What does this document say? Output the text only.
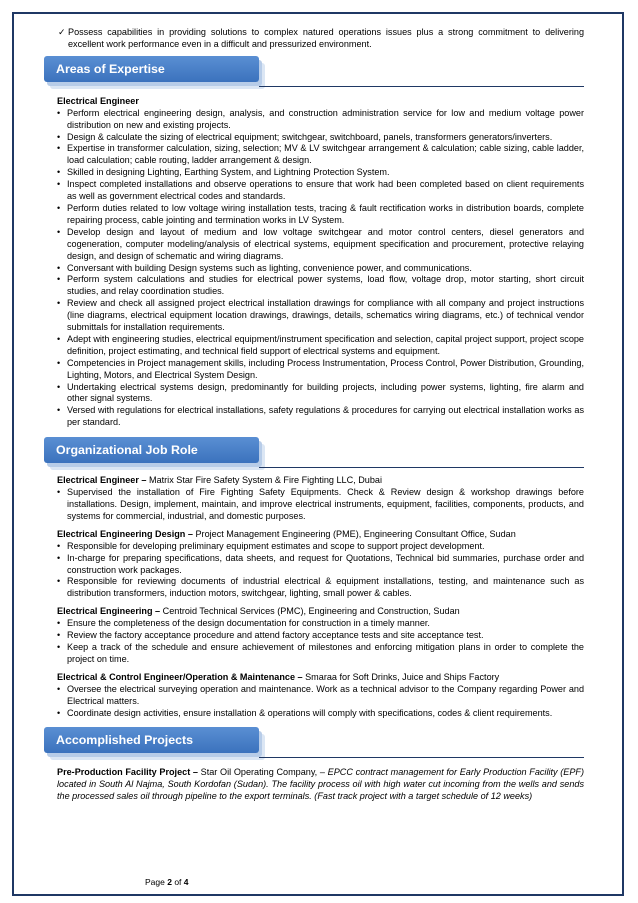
✓ Possess capabilities in providing solutions to complex natured operations issues plus a strong commitment to delivering excellent work performance even in a difficult and pressurized environment.
Areas of Expertise
Electrical Engineer
• Perform electrical engineering design, analysis, and construction administration service for low and medium voltage power distribution on new and existing projects.
• Design & calculate the sizing of electrical equipment; switchgear, switchboard, panels, transformers generators/inverters.
• Expertise in transformer calculation, sizing, selection; MV & LV switchgear arrangement & calculation; cable sizing, cable ladder, load calculation; cable routing, ladder arrangement & design.
• Skilled in designing Lighting, Earthing System, and Lightning Protection System.
• Inspect completed installations and observe operations to ensure that work had been completed based on client requirements as well as government electrical codes and standards.
• Perform duties related to low voltage wiring installation tests, tracing & fault rectification works in distribution boards, complete repairing process, cable jointing and termination works in LV System.
• Develop design and layout of medium and low voltage switchgear and motor control centers, diesel generators and cogeneration, computer modeling/analysis of electrical systems, equipment specification and procurement, protective relaying design, and design of schematic and wiring diagrams.
• Conversant with building Design systems such as lighting, convenience power, and communications.
• Perform system calculations and studies for electrical power systems, load flow, voltage drop, motor starting, short circuit studies, and relay coordination studies.
• Review and check all assigned project electrical installation drawings for compliance with all company and project instructions (line diagrams, electrical equipment location drawings, drawings, details, schematics wiring diagrams, etc.) of technical vendor submittals for installation requirements.
• Adept with engineering studies, electrical equipment/instrument specification and selection, capital project support, project scope definition, project estimating, and technical field support of electrical systems and equipment.
• Competencies in Project management skills, including Process Instrumentation, Process Control, Power Distribution, Grounding, Lighting, Motors, and Electrical System Design.
• Undertaking electrical systems design, predominantly for building projects, including power systems, lighting, fire alarm and other signal systems.
• Versed with regulations for electrical installations, safety regulations & procedures for carrying out electrical installation works as per standard.
Organizational Job Role
Electrical Engineer – Matrix Star Fire Safety System & Fire Fighting LLC, Dubai
• Supervised the installation of Fire Fighting Safety Equipments. Check & Review design & workshop drawings before installations. Design, implement, maintain, and improve electrical instruments, equipment, facilities, components, products, and systems for commercial, industrial, and domestic purposes.
Electrical Engineering Design – Project Management Engineering (PME), Engineering Consultant Office, Sudan
• Responsible for developing preliminary equipment estimates and scope to support project development.
• In-charge for preparing specifications, data sheets, and request for Quotations, Technical bid summaries, purchase order and construction work packages.
• Responsible for reviewing documents of industrial electrical & equipment installations, testing, and maintenance such as distribution transformers, induction motors, switchgear, lighting, small power & cables.
Electrical Engineering – Centroid Technical Services (PMC), Engineering and Construction, Sudan
• Ensure the completeness of the design documentation for construction in a timely manner.
• Review the factory acceptance procedure and attend factory acceptance tests and site acceptance test.
• Keep a track of the schedule and ensure achievement of milestones and enforcing mitigation plans in order to complete the project on time.
Electrical & Control Engineer/Operation & Maintenance – Smaraa for Soft Drinks, Juice and Ships Factory
• Oversee the electrical surveying operation and maintenance. Work as a technical advisor to the Company regarding Power and Electrical matters.
• Coordinate design activities, ensure installation & operations will comply with specifications, codes & client requirements.
Accomplished Projects
Pre-Production Facility Project – Star Oil Operating Company, – EPCC contract management for Early Production Facility (EPF) located in South Al Najma, South Kordofan (Sudan). The facility process oil with high water cut incoming from the wells and sends the processed sales oil through pipeline to the export terminals. (Fast track project with a target schedule of 12 weeks)
Page 2 of 4
